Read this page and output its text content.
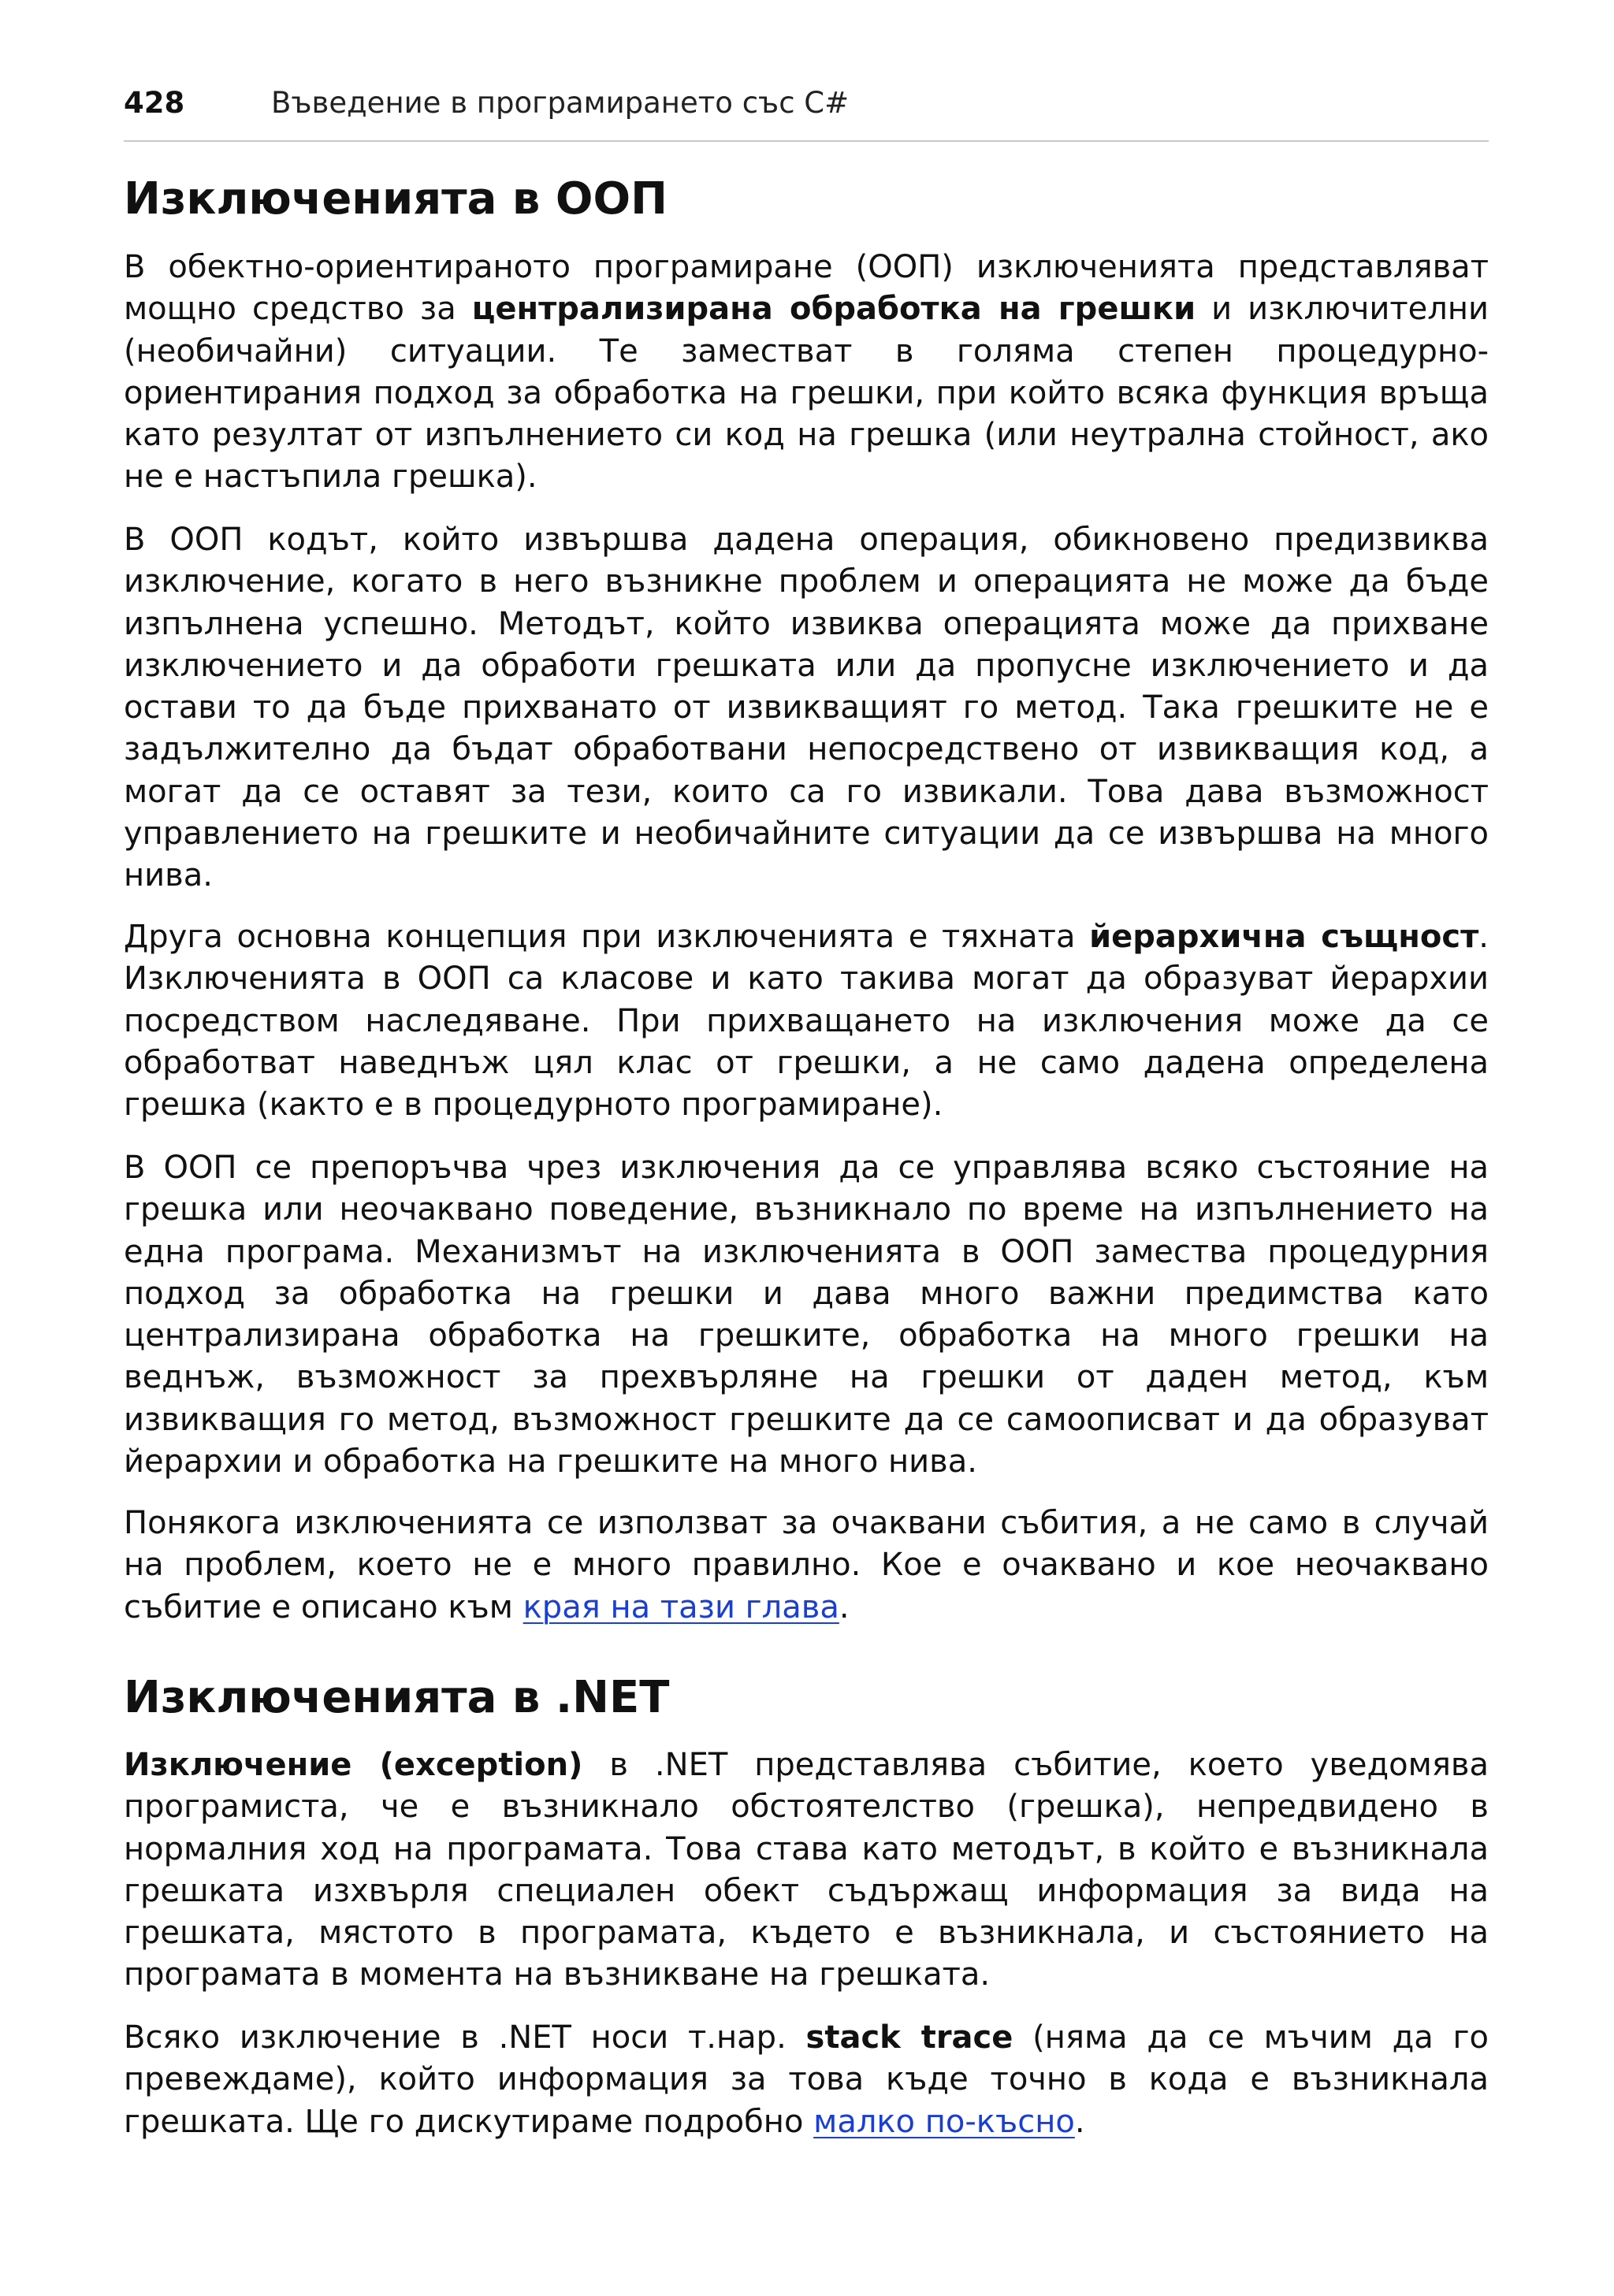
428	Въведение в програмирането със C#
Изключенията в ООП

В обектно-ориентираното програмиране (ООП) изключенията представляват мощно средство за централизирана обработка на грешки и изключителни (необичайни) ситуации. Те заместват в голяма степен процедурно-ориентирания подход за обработка на грешки, при който всяка функция връща като резултат от изпълнението си код на грешка (или неутрална стойност, ако не е настъпила грешка).

В ООП кодът, който извършва дадена операция, обикновено предизвиква изключение, когато в него възникне проблем и операцията не може да бъде изпълнена успешно. Методът, който извиква операцията може да прихване изключението и да обработи грешката или да пропусне изключението и да остави то да бъде прихванато от извикващият го метод. Така грешките не е задължително да бъдат обработвани непосредствено от извикващия код, а могат да се оставят за тези, които са го извикали. Това дава възможност управлението на грешките и необичайните ситуации да се извършва на много нива.

Друга основна концепция при изключенията е тяхната йерархична същност. Изключенията в ООП са класове и като такива могат да образуват йерархии посредством наследяване. При прихващането на изключения може да се обработват наведнъж цял клас от грешки, а не само дадена определена грешка (както е в процедурното програмиране).

В ООП се препоръчва чрез изключения да се управлява всяко състояние на грешка или неочаквано поведение, възникнало по време на изпълнението на една програма. Механизмът на изключенията в ООП замества процедурния подход за обработка на грешки и дава много важни предимства като централизирана обработка на грешките, обработка на много грешки на веднъж, възможност за прехвърляне на грешки от даден метод, към извикващия го метод, възможност грешките да се самоописват и да образуват йерархии и обработка на грешките на много нива.

Понякога изключенията се използват за очаквани събития, а не само в случай на проблем, което не е много правилно. Кое е очаквано и кое неочаквано събитие е описано към края на тази глава.

Изключенията в .NET

Изключение (exception) в .NET представлява събитие, което уведомява програмиста, че е възникнало обстоятелство (грешка), непредвидено в нормалния ход на програмата. Това става като методът, в който е възникнала грешката изхвърля специален обект съдържащ информация за вида на грешката, мястото в програмата, където е възникнала, и състоянието на програмата в момента на възникване на грешката.

Всяко изключение в .NET носи т.нар. stack trace (няма да се мъчим да го превеждаме), който информация за това къде точно в кода е възникнала грешката. Ще го дискутираме подробно малко по-късно.
